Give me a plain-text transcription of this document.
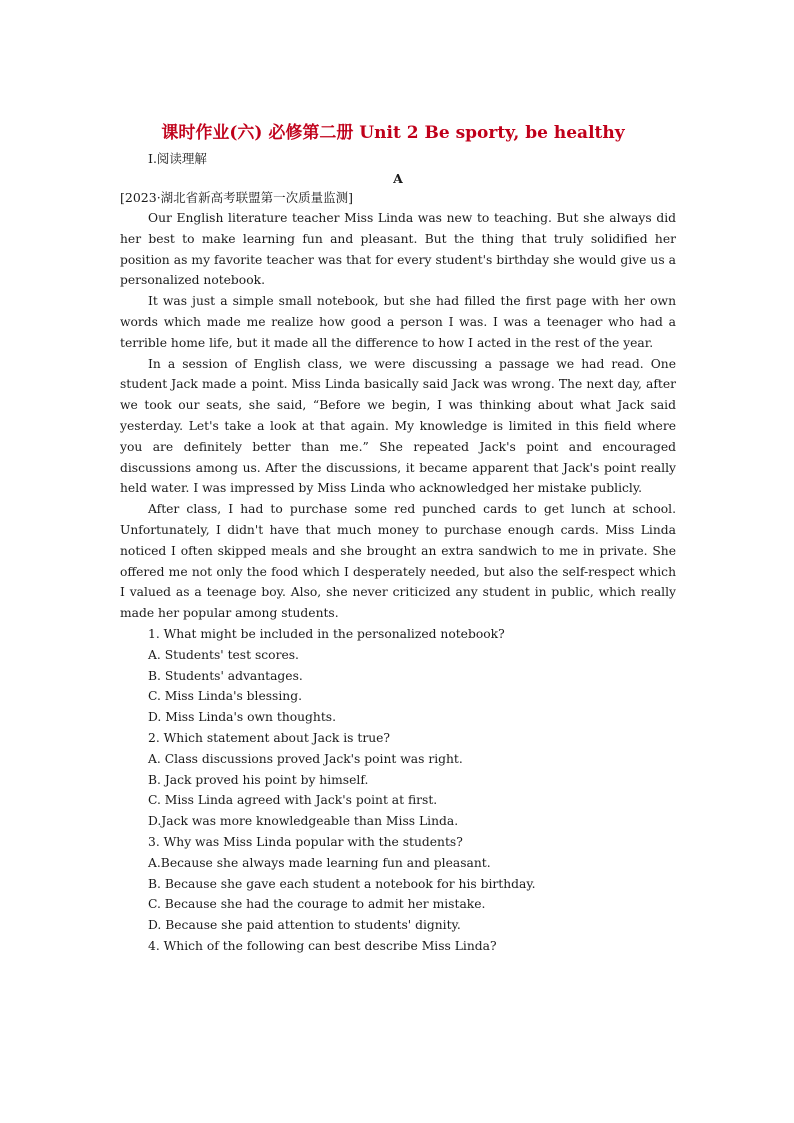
课时作业(六) 必修第二册 Unit 2 Be sporty, be healthy
Ⅰ.阅读理解
A
[2023·湖北省新高考联盟第一次质量监测]

Our English literature teacher Miss Linda was new to teaching. But she always did her best to make learning fun and pleasant. But the thing that truly solidified her position as my favorite teacher was that for every student's birthday she would give us a personalized notebook.

It was just a simple small notebook, but she had filled the first page with her own words which made me realize how good a person I was. I was a teenager who had a terrible home life, but it made all the difference to how I acted in the rest of the year.

In a session of English class, we were discussing a passage we had read. One student Jack made a point. Miss Linda basically said Jack was wrong. The next day, after we took our seats, she said, “Before we begin, I was thinking about what Jack said yesterday. Let's take a look at that again. My knowledge is limited in this field where you are definitely better than me.” She repeated Jack's point and encouraged discussions among us. After the discussions, it became apparent that Jack's point really held water. I was impressed by Miss Linda who acknowledged her mistake publicly.

After class, I had to purchase some red punched cards to get lunch at school. Unfortunately, I didn't have that much money to purchase enough cards. Miss Linda noticed I often skipped meals and she brought an extra sandwich to me in private. She offered me not only the food which I desperately needed, but also the self-respect which I valued as a teenage boy. Also, she never criticized any student in public, which really made her popular among students.

1. What might be included in the personalized notebook?

A. Students' test scores.

B. Students' advantages.

C. Miss Linda's blessing.

D. Miss Linda's own thoughts.

2. Which statement about Jack is true?

A. Class discussions proved Jack's point was right.

B. Jack proved his point by himself.

C. Miss Linda agreed with Jack's point at first.

D.Jack was more knowledgeable than Miss Linda.

3. Why was Miss Linda popular with the students?

A.Because she always made learning fun and pleasant.

B. Because she gave each student a notebook for his birthday.

C. Because she had the courage to admit her mistake.

D. Because she paid attention to students' dignity.

4. Which of the following can best describe Miss Linda?
